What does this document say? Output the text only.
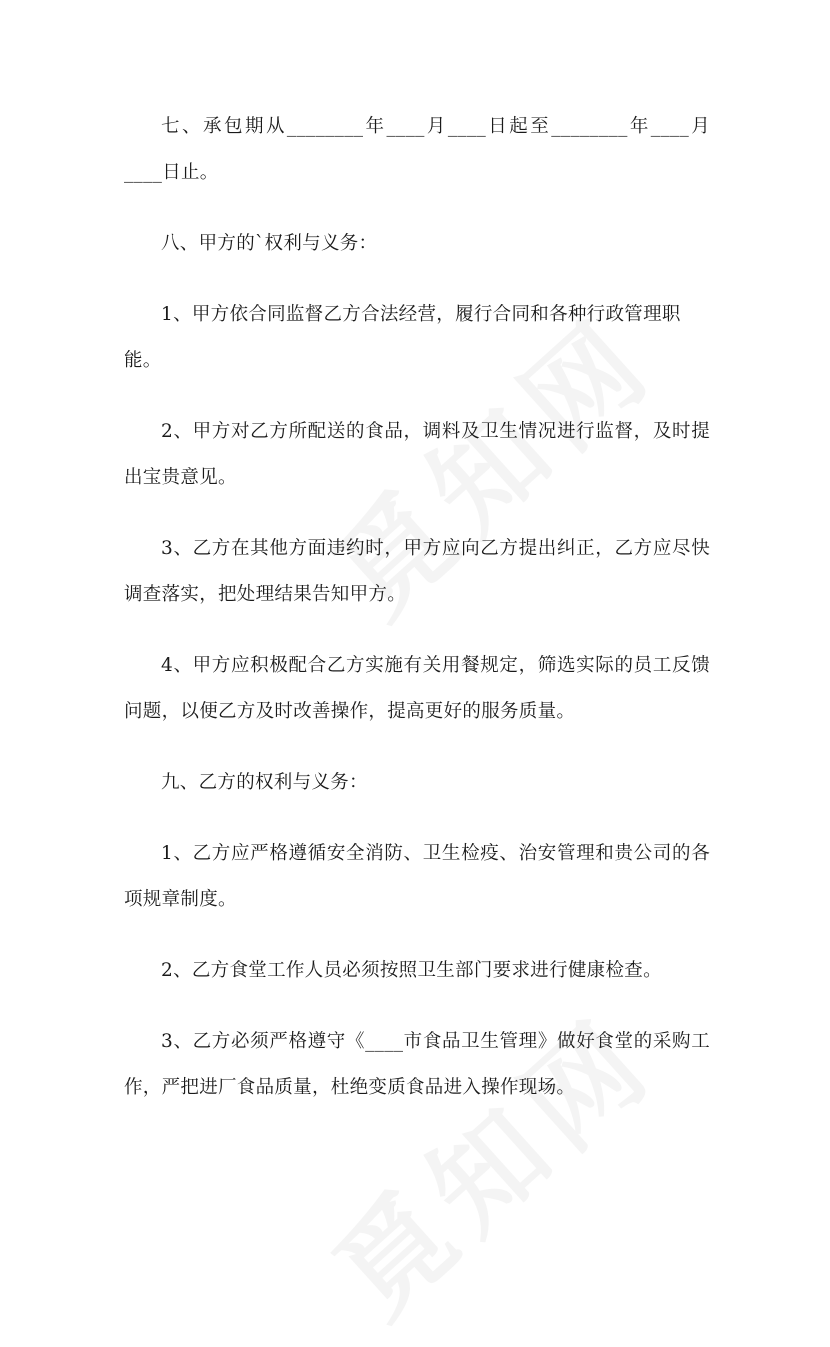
七、承包期从________年____月____日起至________年____月____日止。

八、甲方的`权利与义务：

1、甲方依合同监督乙方合法经营，履行合同和各种行政管理职能。

2、甲方对乙方所配送的食品，调料及卫生情况进行监督，及时提出宝贵意见。

3、乙方在其他方面违约时，甲方应向乙方提出纠正，乙方应尽快调查落实，把处理结果告知甲方。

4、甲方应积极配合乙方实施有关用餐规定，筛选实际的员工反馈问题，以便乙方及时改善操作，提高更好的服务质量。

九、乙方的权利与义务：

1、乙方应严格遵循安全消防、卫生检疫、治安管理和贵公司的各项规章制度。

2、乙方食堂工作人员必须按照卫生部门要求进行健康检查。

3、乙方必须严格遵守《____市食品卫生管理》做好食堂的采购工作，严把进厂食品质量，杜绝变质食品进入操作现场。
